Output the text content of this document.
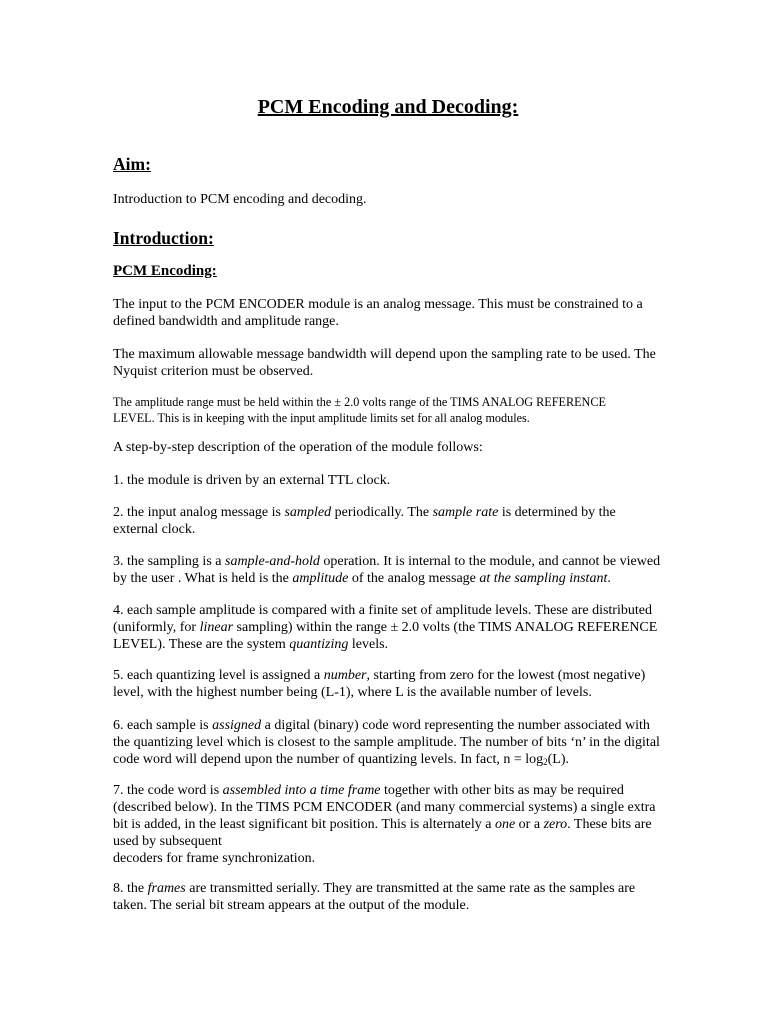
PCM Encoding and Decoding:
Aim:

Introduction to PCM encoding and decoding.

Introduction:
PCM Encoding:

The input to the PCM ENCODER module is an analog message. This must be constrained to a
defined bandwidth and amplitude range.

The maximum allowable message bandwidth will depend upon the sampling rate to be used. The
Nyquist criterion must be observed.

The amplitude range must be held within the ± 2.0 volts range of the TIMS ANALOG REFERENCE
LEVEL. This is in keeping with the input amplitude limits set for all analog modules.

A step-by-step description of the operation of the module follows:

1. the module is driven by an external TTL clock.

2. the input analog message is sampled periodically. The sample rate is determined by the
external clock.

3. the sampling is a sample-and-hold operation. It is internal to the module, and cannot be viewed
by the user . What is held is the amplitude of the analog message at the sampling instant.

4. each sample amplitude is compared with a finite set of amplitude levels. These are distributed
(uniformly, for linear sampling) within the range ± 2.0 volts (the TIMS ANALOG REFERENCE
LEVEL). These are the system quantizing levels.

5. each quantizing level is assigned a number, starting from zero for the lowest (most negative)
level, with the highest number being (L-1), where L is the available number of levels.

6. each sample is assigned a digital (binary) code word representing the number associated with
the quantizing level which is closest to the sample amplitude. The number of bits ‘n’ in the digital
code word will depend upon the number of quantizing levels. In fact, $n = \log_2(L)$.

7. the code word is assembled into a time frame together with other bits as may be required
(described below). In the TIMS PCM ENCODER (and many commercial systems) a single extra
bit is added, in the least significant bit position. This is alternately a one or a zero. These bits are
used by subsequent
decoders for frame synchronization.

8. the frames are transmitted serially. They are transmitted at the same rate as the samples are
taken. The serial bit stream appears at the output of the module.
